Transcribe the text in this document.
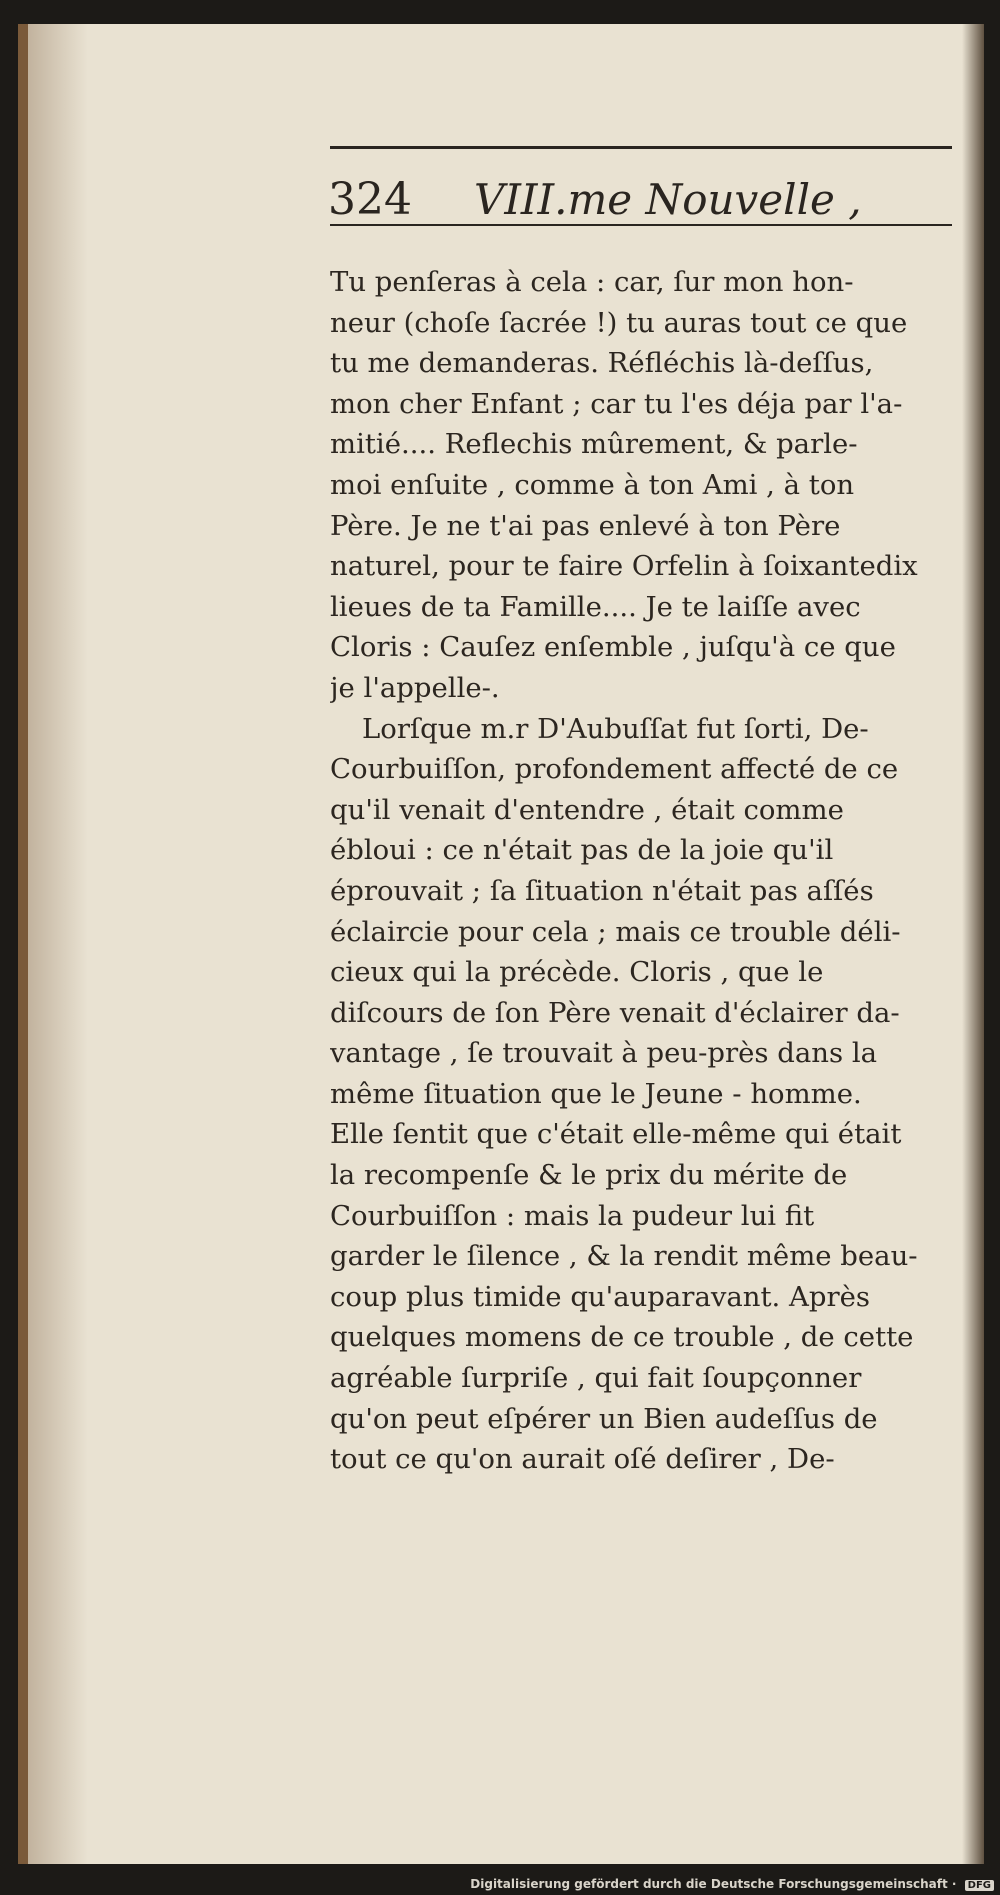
324 VIII.me Nouvelle ,
Tu penſeras à cela : car, ſur mon hon-
neur (choſe ſacrée !) tu auras tout ce que
tu me demanderas. Réfléchis là-deſſus,
mon cher Enfant ; car tu l'es déja par l'a-
mitié.... Reflechis mûrement, & parle-
moi enſuite , comme à ton Ami , à ton
Père. Je ne t'ai pas enlevé à ton Père
naturel, pour te faire Orfelin à ſoixantedix
lieues de ta Famille.... Je te laiſſe avec
Cloris : Cauſez enſemble , juſqu'à ce que
je l'appelle-.
Lorſque m.r D'Aubuſſat fut ſorti, De-
Courbuiſſon, profondement affecté de ce
qu'il venait d'entendre , était comme
ébloui : ce n'était pas de la joie qu'il
éprouvait ; ſa ſituation n'était pas aſſés
éclaircie pour cela ; mais ce trouble déli-
cieux qui la précède. Cloris , que le
diſcours de ſon Père venait d'éclairer da-
vantage , ſe trouvait à peu-près dans la
même ſituation que le Jeune - homme.
Elle ſentit que c'était elle-même qui était
la recompenſe & le prix du mérite de
Courbuiſſon : mais la pudeur lui fit
garder le ſilence , & la rendit même beau-
coup plus timide qu'auparavant. Après
quelques momens de ce trouble , de cette
agréable ſurpriſe , qui fait ſoupçonner
qu'on peut eſpérer un Bien audeſſus de
tout ce qu'on aurait oſé deſirer , De-
Digitalisierung gefördert durch die Deutsche Forschungsgemeinschaft · DFG
